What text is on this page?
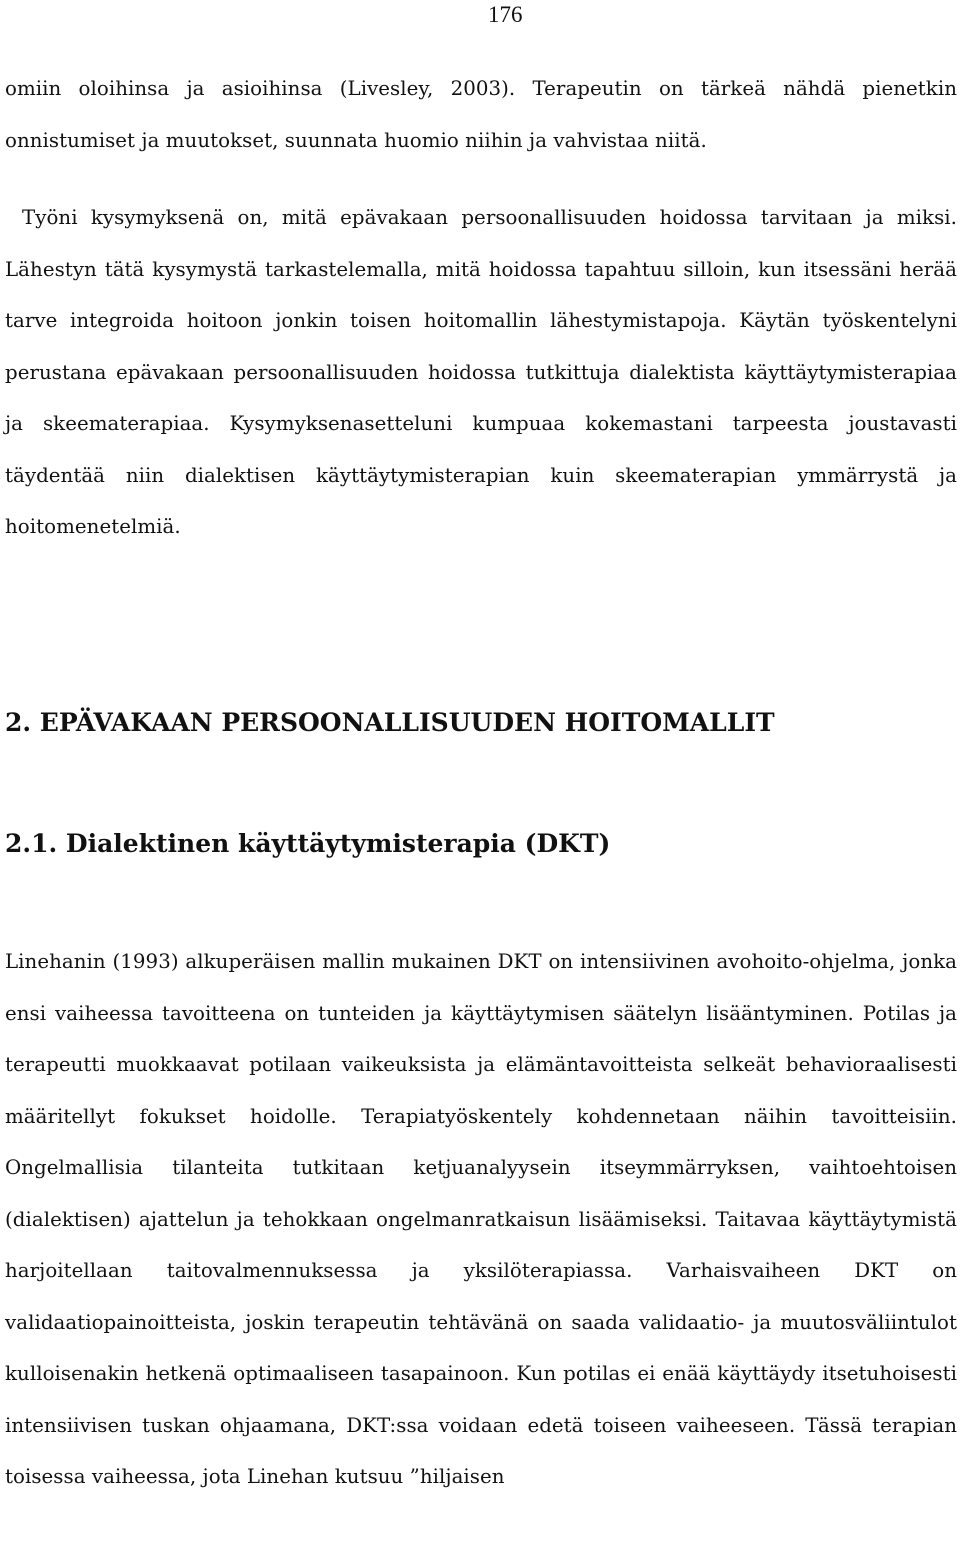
176

omiin oloihinsa ja asioihinsa (Livesley, 2003). Terapeutin on tärkeä nähdä pienetkin onnistumiset ja muutokset, suunnata huomio niihin ja vahvistaa niitä.

Työni kysymyksenä on, mitä epävakaan persoonallisuuden hoidossa tarvitaan ja miksi. Lähestyn tätä kysymystä tarkastelemalla, mitä hoidossa tapahtuu silloin, kun itsessäni herää tarve integroida hoitoon jonkin toisen hoitomallin lähestymistapoja. Käytän työskentelyni perustana epävakaan persoonallisuuden hoidossa tutkittuja dialektista käyttäytymisterapiaa ja skeematerapiaa. Kysymyksenasetteluni kumpuaa kokemastani tarpeesta joustavasti täydentää niin dialektisen käyttäytymisterapian kuin skeematerapian ymmärrystä ja hoitomenetelmiä.

2. EPÄVAKAAN PERSOONALLISUUDEN HOITOMALLIT
2.1. Dialektinen käyttäytymisterapia (DKT)

Linehanin (1993) alkuperäisen mallin mukainen DKT on intensiivinen avohoito-ohjelma, jonka ensi vaiheessa tavoitteena on tunteiden ja käyttäytymisen säätelyn lisääntyminen. Potilas ja terapeutti muokkaavat potilaan vaikeuksista ja elämäntavoitteista selkeät behavioraalisesti määritellyt fokukset hoidolle. Terapiatyöskentely kohdennetaan näihin tavoitteisiin. Ongelmallisia tilanteita tutkitaan ketjuanalyysein itseymmärryksen, vaihtoehtoisen (dialektisen) ajattelun ja tehokkaan ongelmanratkaisun lisäämiseksi. Taitavaa käyttäytymistä harjoitellaan taitovalmennuksessa ja yksilöterapiassa. Varhaisvaiheen DKT on validaatiopainoitteista, joskin terapeutin tehtävänä on saada validaatio- ja muutosväliintulot kulloisenakin hetkenä optimaaliseen tasapainoon. Kun potilas ei enää käyttäydy itsetuhoisesti intensiivisen tuskan ohjaamana, DKT:ssa voidaan edetä toiseen vaiheeseen. Tässä terapian toisessa vaiheessa, jota Linehan kutsuu ”hiljaisen
